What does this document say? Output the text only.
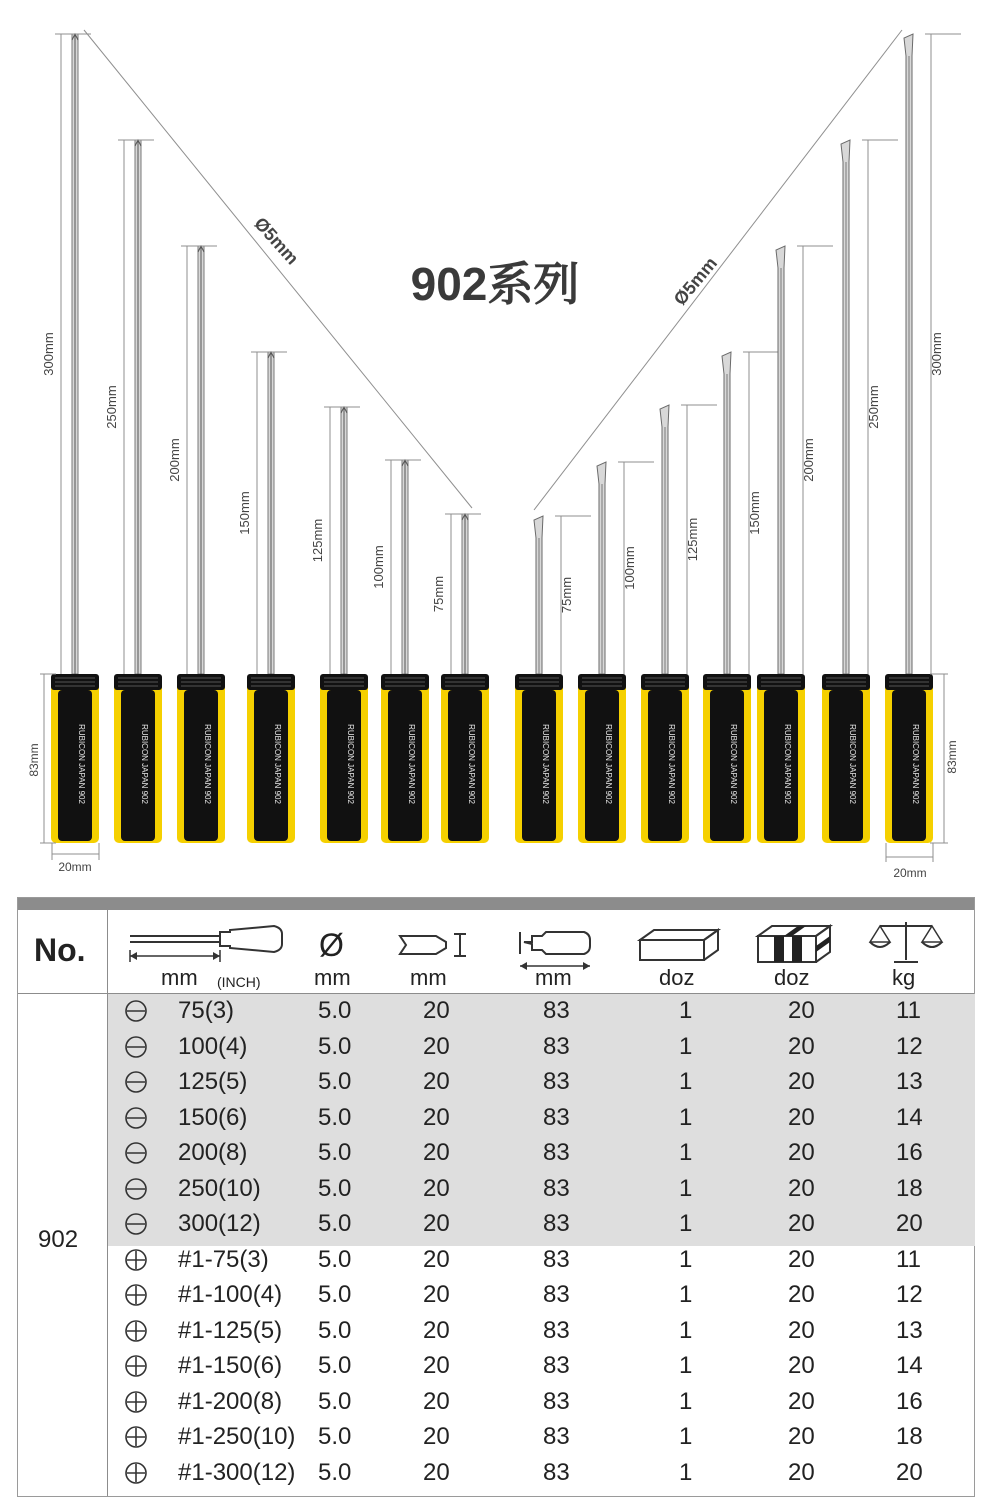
300mm
RUBICON JAPAN 902
250mm
RUBICON JAPAN 902
200mm
RUBICON JAPAN 902
150mm
RUBICON JAPAN 902
125mm
RUBICON JAPAN 902
100mm
RUBICON JAPAN 902
75mm
RUBICON JAPAN 902
75mm
RUBICON JAPAN 902
100mm
RUBICON JAPAN 902
125mm
RUBICON JAPAN 902
150mm
RUBICON JAPAN 902
200mm
RUBICON JAPAN 902
250mm
RUBICON JAPAN 902
300mm
RUBICON JAPAN 902
902系列
Ø5mm
Ø5mm
83mm	83mm
20mm	20mm
No.
mm (INCH)
Ø
mm	mm	mm	doz	doz	kg
902
75(3)	5.0	20	83	1	20	11
100(4)	5.0	20	83	1	20	12
125(5)	5.0	20	83	1	20	13
150(6)	5.0	20	83	1	20	14
200(8)	5.0	20	83	1	20	16
250(10) 5.0	20	83	1	20	18
300(12) 5.0	20	83	1	20	20
#1-75(3) 5.0	20	83	1	20	11
#1-100(4) 5.0	20	83	1	20	12
#1-125(5) 5.0	20	83	1	20	13
#1-150(6) 5.0	20	83	1	20	14
#1-200(8) 5.0	20	83	1	20	16
#1-250(10) 5.0	20	83	1	20	18
#1-300(12) 5.0	20	83	1	20	20
